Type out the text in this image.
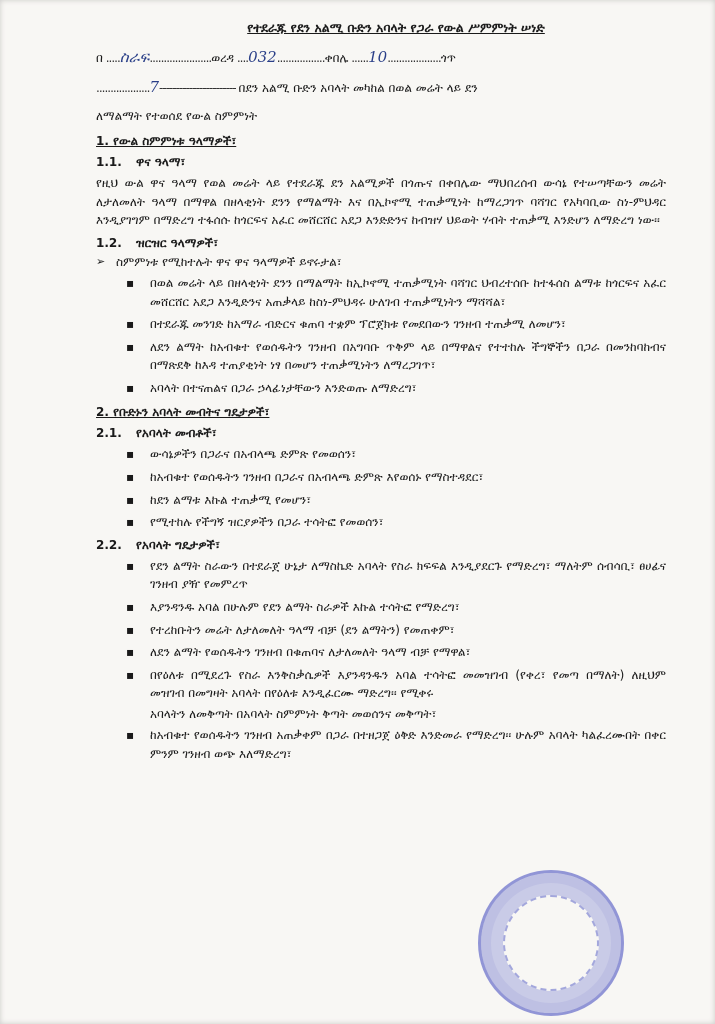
የተደራጁ የደን አልሚ ቡድን አባላት የጋራ የውል ሥምምነት ሠነድ
በ ..... ስራፍ ...................... ወረዳ .... 032 ................. ቀበሌ ...... 10 ................... ጎጥ
................... 7 ----------------------- በደን አልሚ ቡድን አባላት መካከል በወል መሬት ላይ ደን
ለማልማት የተወሰደ የውል ስምምነት
1. የውል ስምምነቱ ዓላማዎች፣
1.1. ዋና ዓላማ፣
የዚህ ውል ዋና ዓላማ የወል መሬት ላይ የተደራጁ ደን አልሚዎች በጎጡና በቀበሌው ማህበረሰብ ውሳኔ የተሠጣቸውን መሬት ለታለመለት ዓላማ በማዋል በዘላቂነት ደንን የማልማት እና በኢኮኖሚ ተጠቃሚነት ከማረጋገጥ ባሻገር የአካባቢው ስነ-ምህዳር እንዲያገግም በማድረግ ተፋሰሱ ከጎርፍና አፈር መሸርሸር አደጋ እንድድንና ከብዝሃ ህይወት ሃብት ተጠቃሚ እንድሆን ለማድረግ ነው፡፡
1.2. ዝርዝር ዓላማዎች፣
➢ ስምምነቱ የሚከተሉት ዋና ዋና ዓላማዎች ይኖሩታል፣
▪ በወል መሬት ላይ በዘላቂነት ደንን በማልማት ከኢኮኖሚ ተጠቃሚነት ባሻገር ህብረተሰቡ ከተፋሰስ ልማቱ ከጎርፍና አፈር መሸርሸር አደጋ እንዲድንና አጠቃላይ ከስነ-ምህዳሩ ሁለገብ ተጠቃሚነትን ማሻሻል፣
▪ በተደራጁ መንገድ ከአማራ ብድርና ቁጠባ ተቋም ፕሮጀክቱ የመደበውን ገንዘብ ተጠቃሚ ለመሆን፣
▪ ለደን ልማት ከአብቁተ የወሰዱትን ገንዘብ በአግባቡ ጥቅም ላይ በማዋልና የተተከሉ ችግኞችን በጋራ በመንከባከብና በማጽደቅ ከእዳ ተጠያቂነት ነፃ በመሆን ተጠቃሚነትን ለማረጋገጥ፣
▪ አባላት በተናጠልና በጋራ ኃላፊነታቸውን እንድወጡ ለማድረግ፣
2. የቡድኑን አባላት መብትና ግዴታዎች፣
2.1. የአባላት መብቶች፣
▪ ውሳኔዎችን በጋራና በአብላጫ ድምጽ የመወሰን፣
▪ ከአብቁተ የወሰዱትን ገንዘብ በጋራና በአብላጫ ድምጽ እየወሰኑ የማስተዳደር፣
▪ ከደን ልማቱ እኩል ተጠቃሚ የመሆን፣
▪ የሚተከሉ የችግኝ ዝርያዎችን በጋራ ተሳትፎ የመወሰን፣
2.2. የአባላት ግዴታዎች፣
▪ የደን ልማት ስራውን በተደራጀ ሁኔታ ለማስኬድ አባላት የስራ ክፍፍል እንዲያደርጉ የማድረግ፣ ማለትም ሰብሳቢ፣ ፀሀፊና ገንዘብ ያዥ የመምረጥ
▪ እያንዳንዱ አባል በሁሉም የደን ልማት ስራዎች እኩል ተሳትፎ የማድረግ፣
▪ የተረከቡትን መሬት ለታለመለት ዓላማ ብቻ (ደን ልማትን) የመጠቀም፣
▪ ለደን ልማት የወሰዱትን ገንዘብ በቁጠባና ለታለመለት ዓላማ ብቻ የማዋል፣
▪ በየዕለቱ በሚደረጉ የስራ እንቅስቃሴዎች እያንዳንዱን አባል ተሳትፎ መመዝገብ (የቀረ፣ የመጣ በማለት) ለዚህም መዝገብ በመግዛት አባላት በየዕለቱ እንዲፈርሙ ማድረግ፡፡ የሚቀሩ
አባላትን ለመቅጣት በአባላት ስምምነት ቅጣት መወሰንና መቅጣት፣
▪ ከአብቁተ የወሰዱትን ገንዘብ አጠቃቀም በጋራ በተዘጋጀ ዕቅድ እንድመራ የማድረግ፡፡ ሁሉም አባላት ካልፈረሙበት በቀር ምንም ገንዘብ ወጭ እለማድረግ፣
